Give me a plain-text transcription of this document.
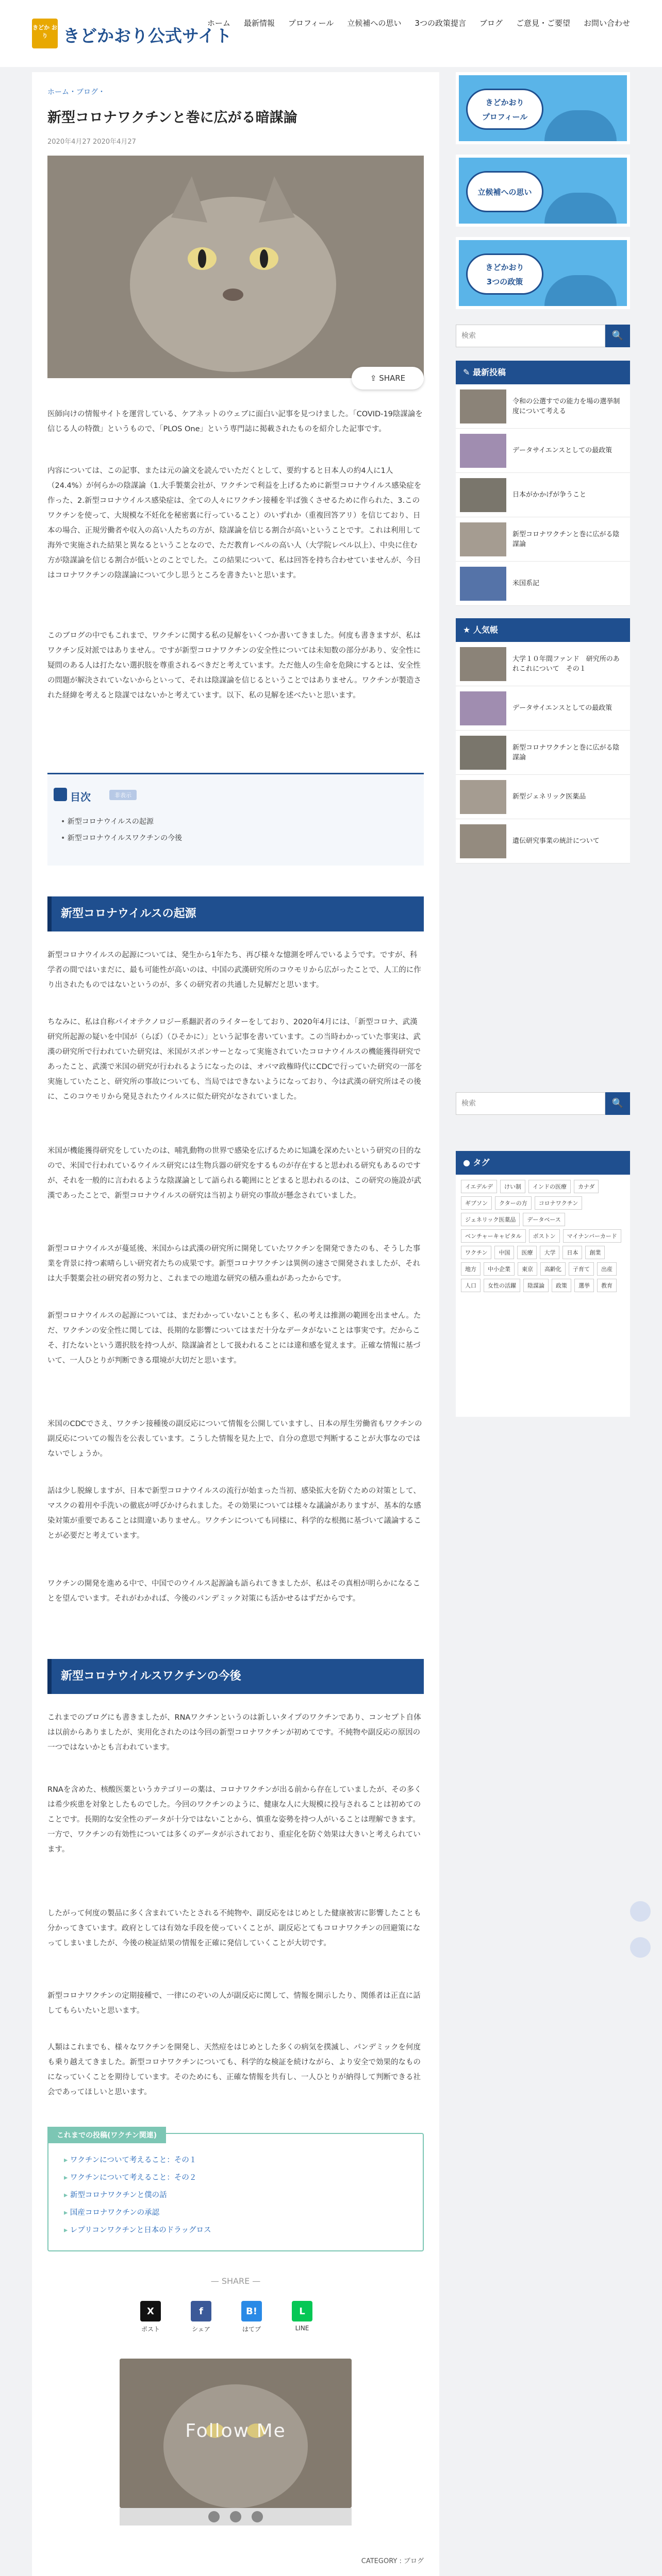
きどか おり きどかおり公式サイト
ホーム 最新情報 プロフィール 立候補への思い 3つの政策提言 ブログ ご意見・ご要望 お問い合わせ
ホーム・ブログ・
新型コロナワクチンと巻に広がる暗謀論
2020年4月27 2020年4月27
⇪ SHARE

医師向けの情報サイトを運営している、ケアネットのウェブに面白い記事を見つけました。「COVID-19陰謀論を信じる人の特徴」というもので、「PLOS One」という専門誌に掲載されたものを紹介した記事です。

内容については、この記事、または元の論文を読んでいただくとして、要約すると日本人の約4人に1人（24.4%）が何らかの陰謀論（1.大手製薬会社が、ワクチンで利益を上げるために新型コロナウイルス感染症を作った、2.新型コロナウイルス感染症は、全ての人々にワクチン接種を半ば強くさせるために作られた、3.このワクチンを使って、大規模な不妊化を秘密裏に行っていること）のいずれか（重複回答アリ）を信じており、日本の場合、正規労働者や収入の高い人たちの方が、陰謀論を信じる割合が高いということです。これは利用して海外で実施された結果と異なるということなので、ただ教育レベルの高い人（大学院レベル以上）、中央に住む方が陰謀論を信じる割合が低いとのことでした。この結果について、私は回答を持ち合わせていませんが、今日はコロナワクチンの陰謀論について少し思うところを書きたいと思います。

このブログの中でもこれまで、ワクチンに関する私の見解をいくつか書いてきました。何度も書きますが、私はワクチン反対派ではありません。ですが新型コロナワクチンの安全性については未知数の部分があり、安全性に疑問のある人は打たない選択肢を尊重されるべきだと考えています。ただ他人の生命を危険にするとは、安全性の問題が解決されていないからといって、それは陰謀論を信じるということではありません。ワクチンが製造された経緯を考えると陰謀ではないかと考えています。以下、私の見解を述べたいと思います。

目次	非表示
• 新型コロナウイルスの起源
• 新型コロナウイルスワクチンの今後
新型コロナウイルスの起源

新型コロナウイルスの起源については、発生から1年たち、再び様々な憶測を呼んでいるようです。ですが、科学者の間ではいまだに、最も可能性が高いのは、中国の武漢研究所のコウモリから広がったことで、人工的に作り出されたものではないというのが、多くの研究者の共通した見解だと思います。

ちなみに、私は自称パイオテクノロジー系翻訳者のライターをしており、2020年4月には、「新型コロナ、武漢研究所起源の疑いを中国が（らぼ）（ひそかに）」という記事を書いています。この当時わかっていた事実は、武漢の研究所で行われていた研究は、米国がスポンサーとなって実施されていたコロナウイルスの機能獲得研究であったこと、武漢で米国の研究が行われるようになったのは、オバマ政権時代にCDCで行っていた研究の一部を実施していたこと、研究所の事故についても、当局ではできないようになっており、今は武漢の研究所はその後に、このコウモリから発見されたウイルスに似た研究がなされていました。

米国が機能獲得研究をしていたのは、哺乳動物の世界で感染を広げるために知識を深めたいという研究の目的なので、米国で行われているウイルス研究には生物兵器の研究をするものが存在すると思われる研究もあるのですが、それを一般的に言われるような陰謀論として語られる範囲にとどまると思われるのは、この研究の施設が武漢であったことで、新型コロナウイルスの研究は当初より研究の事故が懸念されていました。

新型コロナウイルスが蔓延後、米国からは武漢の研究所に開発していたワクチンを開発できたのも、そうした事業を背景に持つ素晴らしい研究者たちの成果です。新型コロナワクチンは異例の速さで開発されましたが、それは大手製薬会社の研究者の努力と、これまでの地道な研究の積み重ねがあったからです。

新型コロナウイルスの起源については、まだわかっていないことも多く、私の考えは推測の範囲を出ません。ただ、ワクチンの安全性に関しては、長期的な影響についてはまだ十分なデータがないことは事実です。だからこそ、打たないという選択肢を持つ人が、陰謀論者として扱われることには違和感を覚えます。正確な情報に基づいて、一人ひとりが判断できる環境が大切だと思います。

米国のCDCでさえ、ワクチン接種後の副反応について情報を公開していますし、日本の厚生労働省もワクチンの副反応についての報告を公表しています。こうした情報を見た上で、自分の意思で判断することが大事なのではないでしょうか。

話は少し脱線しますが、日本で新型コロナウイルスの流行が始まった当初、感染拡大を防ぐための対策として、マスクの着用や手洗いの徹底が呼びかけられました。その効果については様々な議論がありますが、基本的な感染対策が重要であることは間違いありません。ワクチンについても同様に、科学的な根拠に基づいて議論することが必要だと考えています。

ワクチンの開発を進める中で、中国でのウイルス起源論も語られてきましたが、私はその真相が明らかになることを望んでいます。それがわかれば、今後のパンデミック対策にも活かせるはずだからです。

新型コロナウイルスワクチンの今後

これまでのブログにも書きましたが、RNAワクチンというのは新しいタイプのワクチンであり、コンセプト自体は以前からありましたが、実用化されたのは今回の新型コロナワクチンが初めてです。不純物や副反応の原因の一つではないかとも言われています。

RNAを含めた、核酸医薬というカテゴリーの薬は、コロナワクチンが出る前から存在していましたが、その多くは希少疾患を対象としたものでした。今回のワクチンのように、健康な人に大規模に投与されることは初めてのことです。長期的な安全性のデータが十分ではないことから、慎重な姿勢を持つ人がいることは理解できます。一方で、ワクチンの有効性については多くのデータが示されており、重症化を防ぐ効果は大きいと考えられています。

したがって何度の製品に多く含まれていたとされる不純物や、副反応をはじめとした健康被害に影響したことも分かってきています。政府としては有効な手段を使っていくことが、副反応とてもコロナワクチンの回避策になってしまいましたが、今後の検証結果の情報を正確に発信していくことが大切です。

新型コロナワクチンの定期接種で、一律にのぞいの人が副反応に関して、情報を開示したり、関係者は正直に話してもらいたいと思います。

人類はこれまでも、様々なワクチンを開発し、天然痘をはじめとした多くの病気を撲滅し、パンデミックを何度も乗り越えてきました。新型コロナワクチンについても、科学的な検証を続けながら、より安全で効果的なものになっていくことを期待しています。そのためにも、正確な情報を共有し、一人ひとりが納得して判断できる社会であってほしいと思います。

これまでの投稿(ワクチン関連)
▸ ワクチンについて考えること：その１
▸ ワクチンについて考えること：その２
▸ 新型コロナワクチンと僕の話
▸ 国産コロナワクチンの承認
▸ レプリコンワクチンと日本のドラッグロス
— SHARE —
X
ポスト
f
シェア
B!
はてブ
L
LINE
Follow Me
CATEGORY : ブログ
きどかおり
プロフィール
立候補への思い
きどかおり
3つの政策
検索
🔍
✎ 最新投稿
令和の公選すでの能力を場の選挙制度について考える
データサイエンスとしての最政策
日本がかかげが争うこと
新型コロナワクチンと巻に広がる陰謀論
米国系記
★ 人気帳
大学１０年間ファンド　研究所のあれこれについて　その１
データサイエンスとしての最政策
新型コロナワクチンと巻に広がる陰謀論
新型ジェネリック医薬品
遺伝研究事業の統計について
検索
🔍
● タグ
イエデルデ	けい制	インドの医療	カナダ
ギブソン	クターの方	コロナワクチン
ジェネリック医薬品	データベース
ベンチャーキャピタル	ボストン	マイナンバーカード
ワクチン	中国	医療	大学	日本	創業
地方	中小企業	東京	高齢化	子育て	出産
人口	女性の活躍	陰謀論	政策	選挙	教育
